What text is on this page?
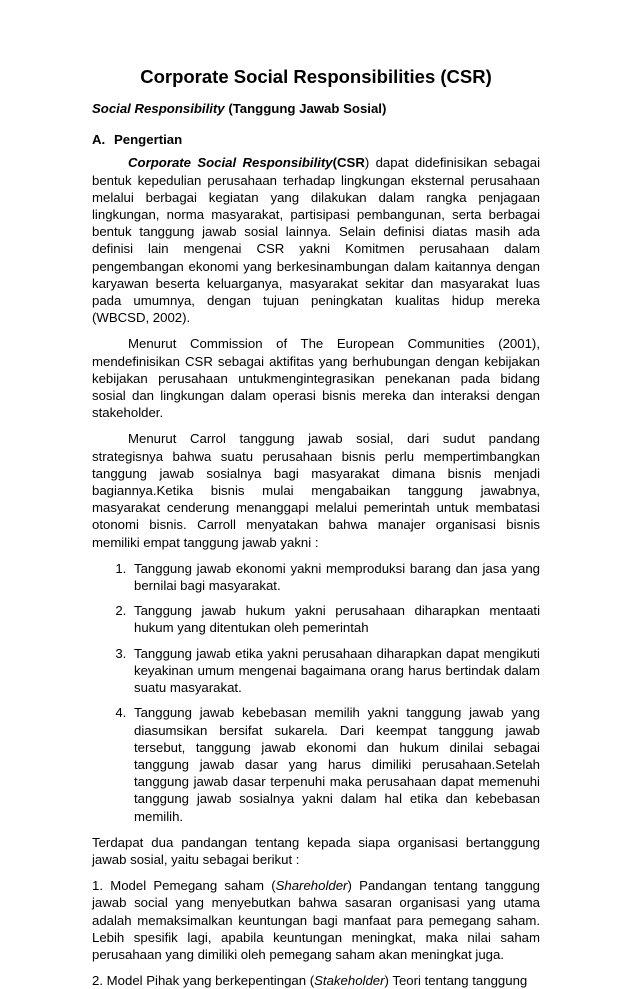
Corporate Social Responsibilities (CSR)
Social Responsibility (Tanggung Jawab Sosial)
A. Pengertian

Corporate Social Responsibility(CSR) dapat didefinisikan sebagai bentuk kepedulian perusahaan terhadap lingkungan eksternal perusahaan melalui berbagai kegiatan yang dilakukan dalam rangka penjagaan lingkungan, norma masyarakat, partisipasi pembangunan, serta berbagai bentuk tanggung jawab sosial lainnya. Selain definisi diatas masih ada definisi lain mengenai CSR yakni Komitmen perusahaan dalam pengembangan ekonomi yang berkesinambungan dalam kaitannya dengan karyawan beserta keluarganya, masyarakat sekitar dan masyarakat luas pada umumnya, dengan tujuan peningkatan kualitas hidup mereka (WBCSD, 2002).

Menurut Commission of The European Communities (2001), mendefinisikan CSR sebagai aktifitas yang berhubungan dengan kebijakan kebijakan perusahaan untukmengintegrasikan penekanan pada bidang sosial dan lingkungan dalam operasi bisnis mereka dan interaksi dengan stakeholder.

Menurut Carrol tanggung jawab sosial, dari sudut pandang strategisnya bahwa suatu perusahaan bisnis perlu mempertimbangkan tanggung jawab sosialnya bagi masyarakat dimana bisnis menjadi bagiannya.Ketika bisnis mulai mengabaikan tanggung jawabnya, masyarakat cenderung menanggapi melalui pemerintah untuk membatasi otonomi bisnis. Carroll menyatakan bahwa manajer organisasi bisnis memiliki empat tanggung jawab yakni :

1. Tanggung jawab ekonomi yakni memproduksi barang dan jasa yang bernilai bagi masyarakat.
2. Tanggung jawab hukum yakni perusahaan diharapkan mentaati hukum yang ditentukan oleh pemerintah
3. Tanggung jawab etika yakni perusahaan diharapkan dapat mengikuti keyakinan umum mengenai bagaimana orang harus bertindak dalam suatu masyarakat.
4. Tanggung jawab kebebasan memilih yakni tanggung jawab yang diasumsikan bersifat sukarela. Dari keempat tanggung jawab tersebut, tanggung jawab ekonomi dan hukum dinilai sebagai tanggung jawab dasar yang harus dimiliki perusahaan.Setelah tanggung jawab dasar terpenuhi maka perusahaan dapat memenuhi tanggung jawab sosialnya yakni dalam hal etika dan kebebasan memilih.

Terdapat dua pandangan tentang kepada siapa organisasi bertanggung jawab sosial, yaitu sebagai berikut :

1. Model Pemegang saham (Shareholder) Pandangan tentang tanggung jawab social yang menyebutkan bahwa sasaran organisasi yang utama adalah memaksimalkan keuntungan bagi manfaat para pemegang saham. Lebih spesifik lagi, apabila keuntungan meningkat, maka nilai saham perusahaan yang dimiliki oleh pemegang saham akan meningkat juga.

2. Model Pihak yang berkepentingan (Stakeholder) Teori tentang tanggung
